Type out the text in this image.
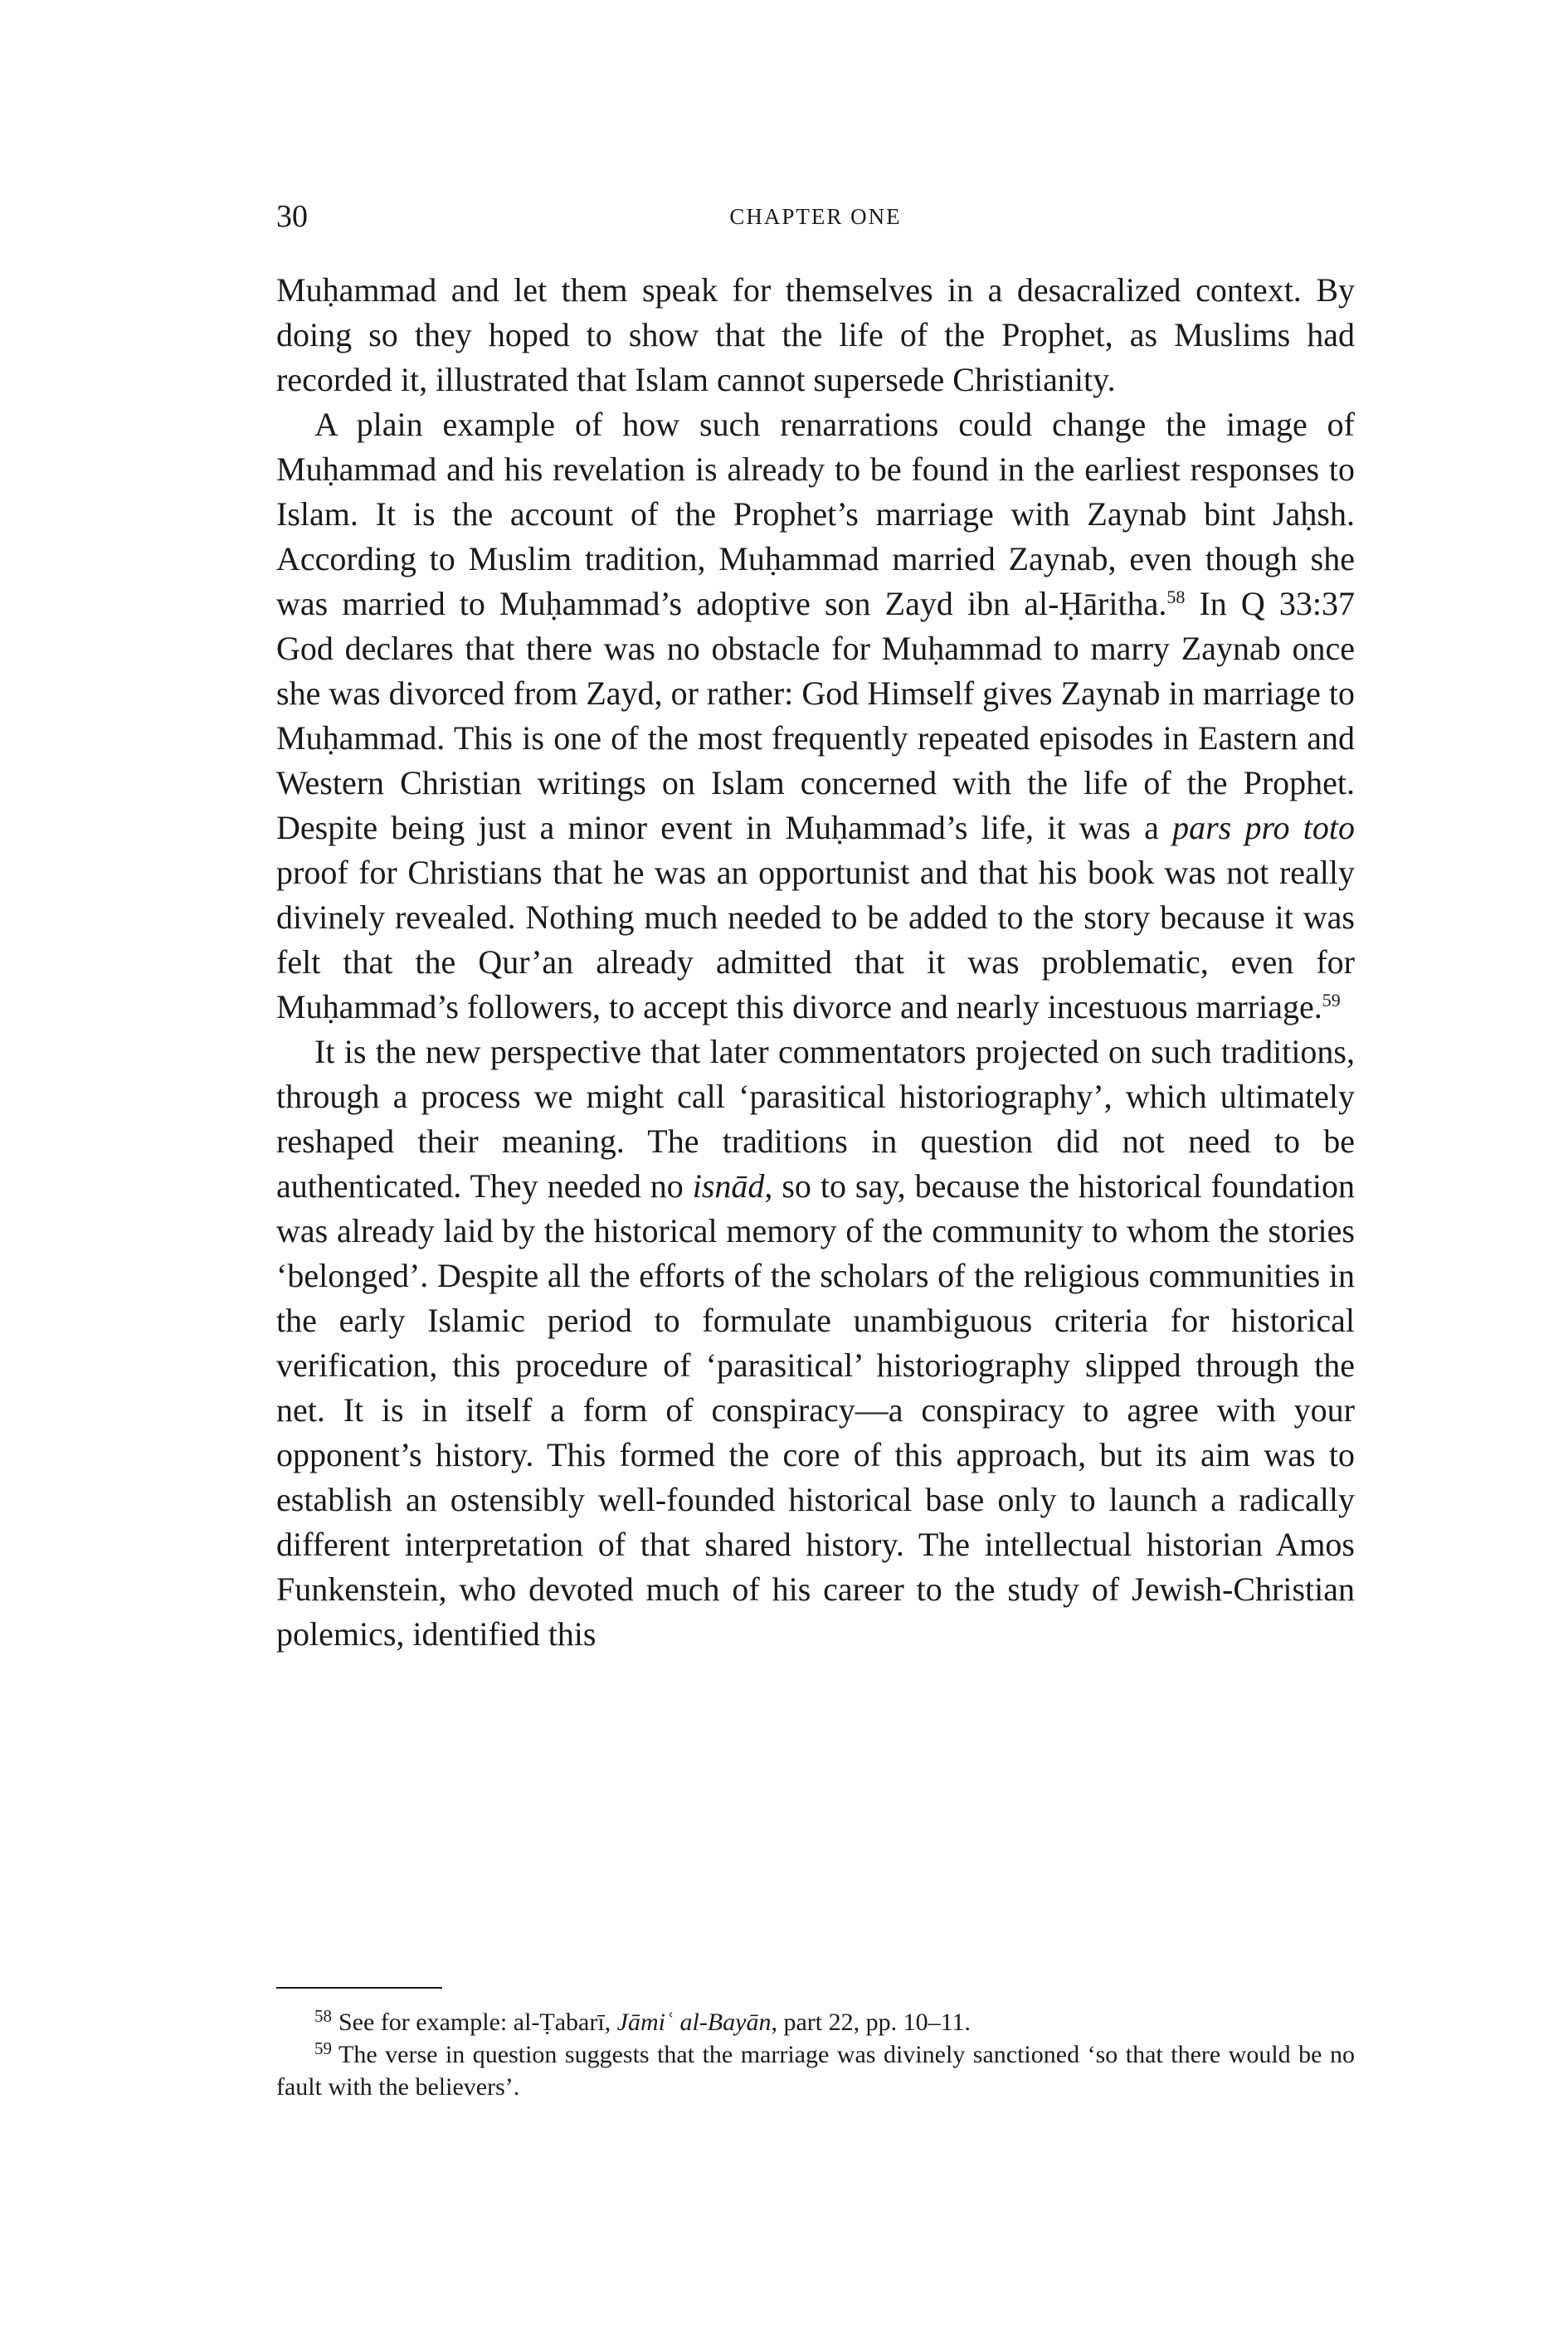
30	CHAPTER ONE

Muḥammad and let them speak for themselves in a desacralized context. By doing so they hoped to show that the life of the Prophet, as Muslims had recorded it, illustrated that Islam cannot supersede Christianity.

A plain example of how such renarrations could change the image of Muḥammad and his revelation is already to be found in the earliest responses to Islam. It is the account of the Prophet’s marriage with Zaynab bint Jaḥsh. According to Muslim tradition, Muḥammad married Zaynab, even though she was married to Muḥammad’s adoptive son Zayd ibn al-Ḥāritha.$^{58}$ In Q 33:37 God declares that there was no obstacle for Muḥammad to marry Zaynab once she was divorced from Zayd, or rather: God Himself gives Zaynab in marriage to Muḥammad. This is one of the most frequently repeated episodes in Eastern and Western Christian writings on Islam concerned with the life of the Prophet. Despite being just a minor event in Muḥammad’s life, it was a pars pro toto proof for Christians that he was an opportunist and that his book was not really divinely revealed. Nothing much needed to be added to the story because it was felt that the Qur’an already admitted that it was problematic, even for Muḥammad’s followers, to accept this divorce and nearly incestuous marriage.$^{59}$

It is the new perspective that later commentators projected on such traditions, through a process we might call ‘parasitical historiography’, which ultimately reshaped their meaning. The traditions in question did not need to be authenticated. They needed no isnād, so to say, because the historical foundation was already laid by the historical memory of the community to whom the stories ‘belonged’. Despite all the efforts of the scholars of the religious communities in the early Islamic period to formulate unambiguous criteria for historical verification, this procedure of ‘parasitical’ historiography slipped through the net. It is in itself a form of conspiracy—a conspiracy to agree with your opponent’s history. This formed the core of this approach, but its aim was to establish an ostensibly well-founded historical base only to launch a radically different interpretation of that shared history. The intellectual historian Amos Funkenstein, who devoted much of his career to the study of Jewish-Christian polemics, identified this

$^{58}$ See for example: al-Ṭabarī, Jāmiʿ al-Bayān, part 22, pp. 10–11.

$^{59}$ The verse in question suggests that the marriage was divinely sanctioned ‘so that there would be no fault with the believers’.
